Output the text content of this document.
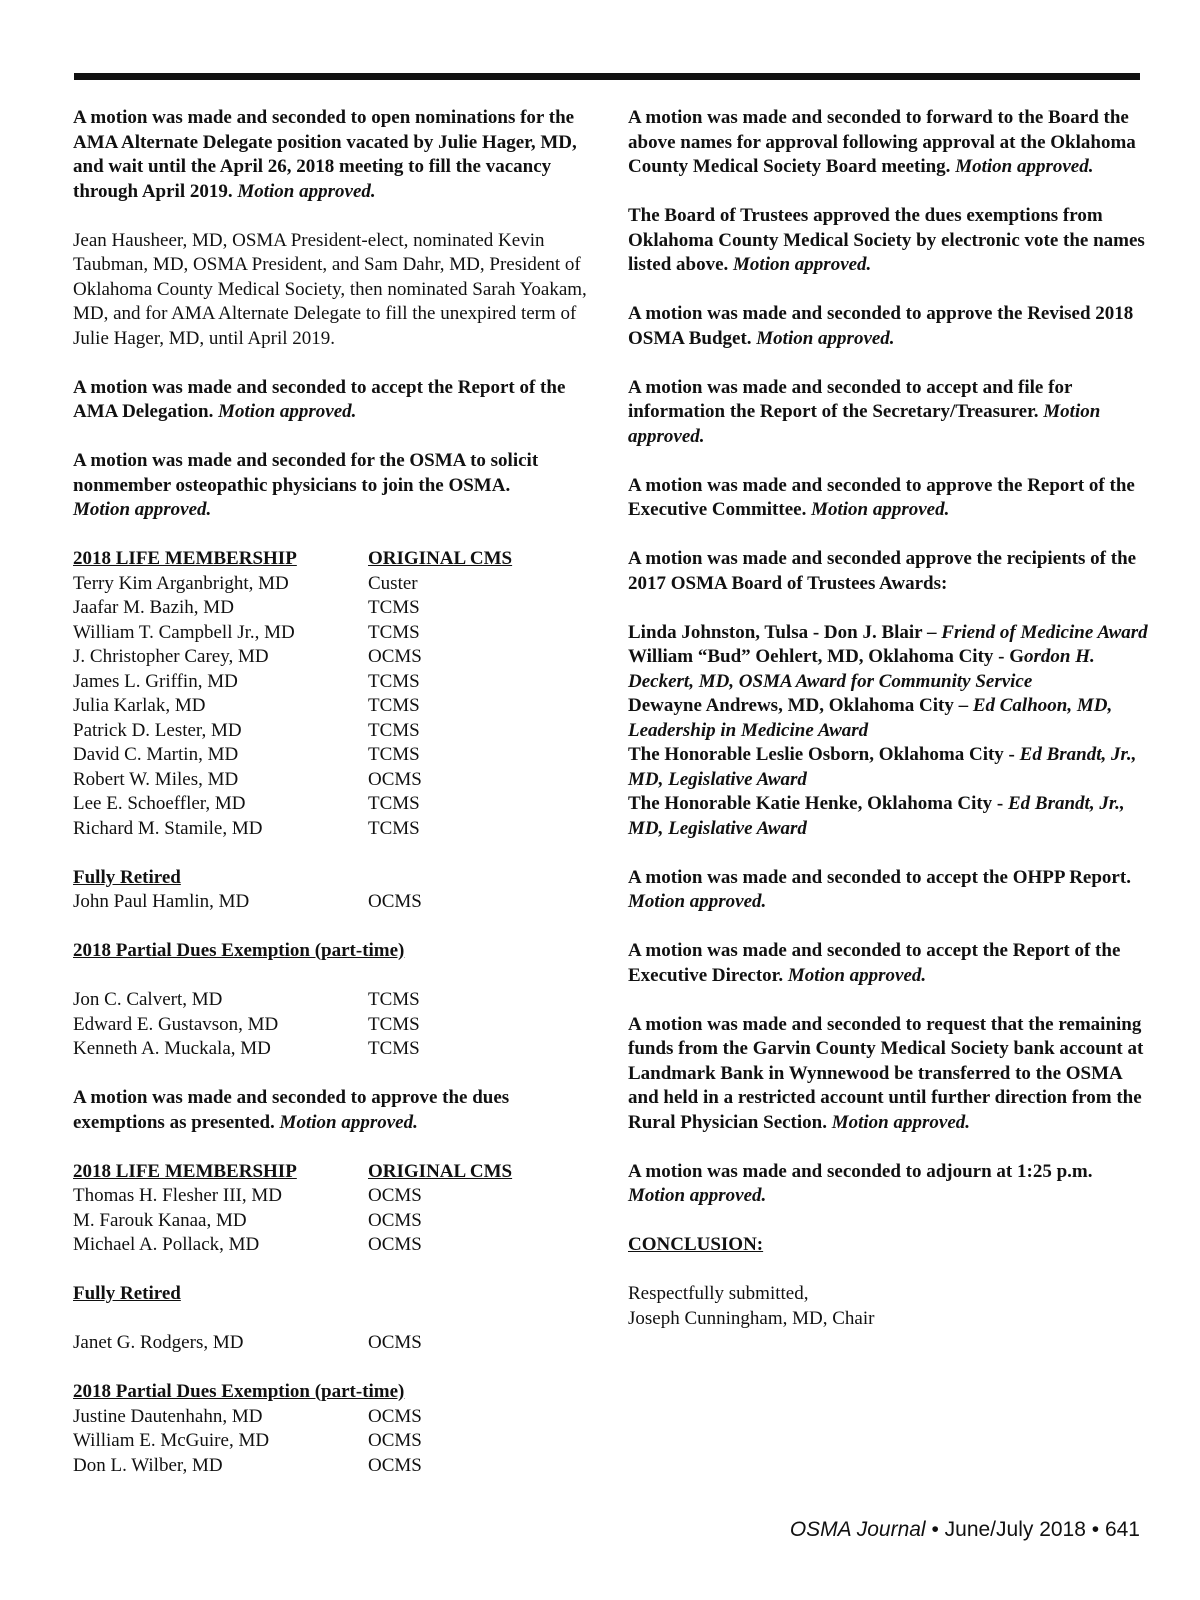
A motion was made and seconded to open nominations for the AMA Alternate Delegate position vacated by Julie Hager, MD, and wait until the April 26, 2018 meeting to fill the vacancy through April 2019. Motion approved.

Jean Hausheer, MD, OSMA President-elect, nominated Kevin Taubman, MD, OSMA President, and Sam Dahr, MD, President of Oklahoma County Medical Society, then nominated Sarah Yoakam, MD, and for AMA Alternate Delegate to fill the unexpired term of Julie Hager, MD, until April 2019.

A motion was made and seconded to accept the Report of the AMA Delegation. Motion approved.

A motion was made and seconded for the OSMA to solicit nonmember osteopathic physicians to join the OSMA.
Motion approved.

2018 LIFE MEMBERSHIP	ORIGINAL CMS
Terry Kim Arganbright, MD	Custer
Jaafar M. Bazih, MD	TCMS
William T. Campbell Jr., MD	TCMS
J. Christopher Carey, MD	OCMS
James L. Griffin, MD	TCMS
Julia Karlak, MD	TCMS
Patrick D. Lester, MD	TCMS
David C. Martin, MD	TCMS
Robert W. Miles, MD	OCMS
Lee E. Schoeffler, MD	TCMS
Richard M. Stamile, MD	TCMS
Fully Retired
John Paul Hamlin, MD	OCMS
2018 Partial Dues Exemption (part-time)
Jon C. Calvert, MD	TCMS
Edward E. Gustavson, MD	TCMS
Kenneth A. Muckala, MD	TCMS

A motion was made and seconded to approve the dues exemptions as presented. Motion approved.

2018 LIFE MEMBERSHIP	ORIGINAL CMS
Thomas H. Flesher III, MD	OCMS
M. Farouk Kanaa, MD	OCMS
Michael A. Pollack, MD	OCMS
Fully Retired
Janet G. Rodgers, MD	OCMS
2018 Partial Dues Exemption (part-time)
Justine Dautenhahn, MD	OCMS
William E. McGuire, MD	OCMS
Don L. Wilber, MD	OCMS

A motion was made and seconded to forward to the Board the above names for approval following approval at the Oklahoma County Medical Society Board meeting. Motion approved.

The Board of Trustees approved the dues exemptions from Oklahoma County Medical Society by electronic vote the names listed above. Motion approved.

A motion was made and seconded to approve the Revised 2018 OSMA Budget. Motion approved.

A motion was made and seconded to accept and file for information the Report of the Secretary/Treasurer. Motion approved.

A motion was made and seconded to approve the Report of the Executive Committee. Motion approved.

A motion was made and seconded approve the recipients of the 2017 OSMA Board of Trustees Awards:

Linda Johnston, Tulsa - Don J. Blair – Friend of Medicine Award
William “Bud” Oehlert, MD, Oklahoma City - Gordon H. Deckert, MD, OSMA Award for Community Service
Dewayne Andrews, MD, Oklahoma City – Ed Calhoon, MD, Leadership in Medicine Award
The Honorable Leslie Osborn, Oklahoma City - Ed Brandt, Jr., MD, Legislative Award
The Honorable Katie Henke, Oklahoma City - Ed Brandt, Jr., MD, Legislative Award

A motion was made and seconded to accept the OHPP Report. Motion approved.

A motion was made and seconded to accept the Report of the Executive Director. Motion approved.

A motion was made and seconded to request that the remaining funds from the Garvin County Medical Society bank account at Landmark Bank in Wynnewood be transferred to the OSMA and held in a restricted account until further direction from the Rural Physician Section. Motion approved.

A motion was made and seconded to adjourn at 1:25 p.m.
Motion approved.

CONCLUSION:

Respectfully submitted,
Joseph Cunningham, MD, Chair
OSMA Journal • June/July 2018 • 641
